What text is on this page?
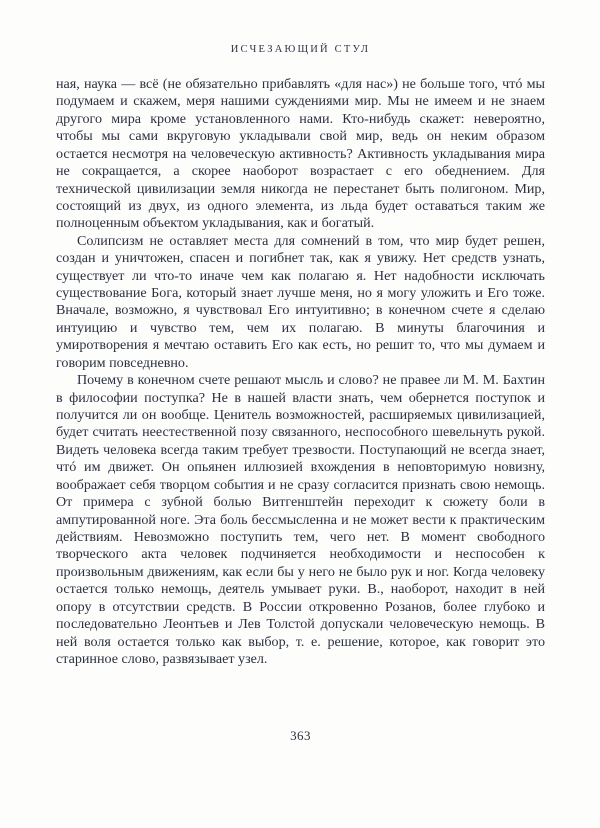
ИСЧЕЗАЮЩИЙ СТУЛ

ная, наука — всё (не обязательно прибавлять «для нас») не больше того, чтó мы подумаем и скажем, меря нашими суждениями мир. Мы не имеем и не знаем другого мира кроме установленного нами. Кто-нибудь скажет: невероятно, чтобы мы сами вкруговую укладывали свой мир, ведь он неким образом остается несмотря на человеческую активность? Активность укладывания мира не сокращается, а скорее наоборот возрастает с его обеднением. Для технической цивилизации земля никогда не перестанет быть полигоном. Мир, состоящий из двух, из одного элемента, из льда будет оставаться таким же полноценным объектом укладывания, как и богатый.

Солипсизм не оставляет места для сомнений в том, что мир будет решен, создан и уничтожен, спасен и погибнет так, как я увижу. Нет средств узнать, существует ли что-то иначе чем как полагаю я. Нет надобности исключать существование Бога, который знает лучше меня, но я могу уложить и Его тоже. Вначале, возможно, я чувствовал Его интуитивно; в конечном счете я сделаю интуицию и чувство тем, чем их полагаю. В минуты благочиния и умиротворения я мечтаю оставить Его как есть, но решит то, что мы думаем и говорим повседневно.

Почему в конечном счете решают мысль и слово? не правее ли М. М. Бахтин в философии поступка? Не в нашей власти знать, чем обернется поступок и получится ли он вообще. Ценитель возможностей, расширяемых цивилизацией, будет считать неестественной позу связанного, неспособного шевельнуть рукой. Видеть человека всегда таким требует трезвости. Поступающий не всегда знает, чтó им движет. Он опьянен иллюзией вхождения в неповторимую новизну, воображает себя творцом события и не сразу согласится признать свою немощь. От примера с зубной болью Витгенштейн переходит к сюжету боли в ампутированной ноге. Эта боль бессмысленна и не может вести к практическим действиям. Невозможно поступить тем, чего нет. В момент свободного творческого акта человек подчиняется необходимости и неспособен к произвольным движениям, как если бы у него не было рук и ног. Когда человеку остается только немощь, деятель умывает руки. В., наоборот, находит в ней опору в отсутствии средств. В России откровенно Розанов, более глубоко и последовательно Леонтьев и Лев Толстой допускали человеческую немощь. В ней воля остается только как выбор, т. е. решение, которое, как говорит это старинное слово, развязывает узел.

363
